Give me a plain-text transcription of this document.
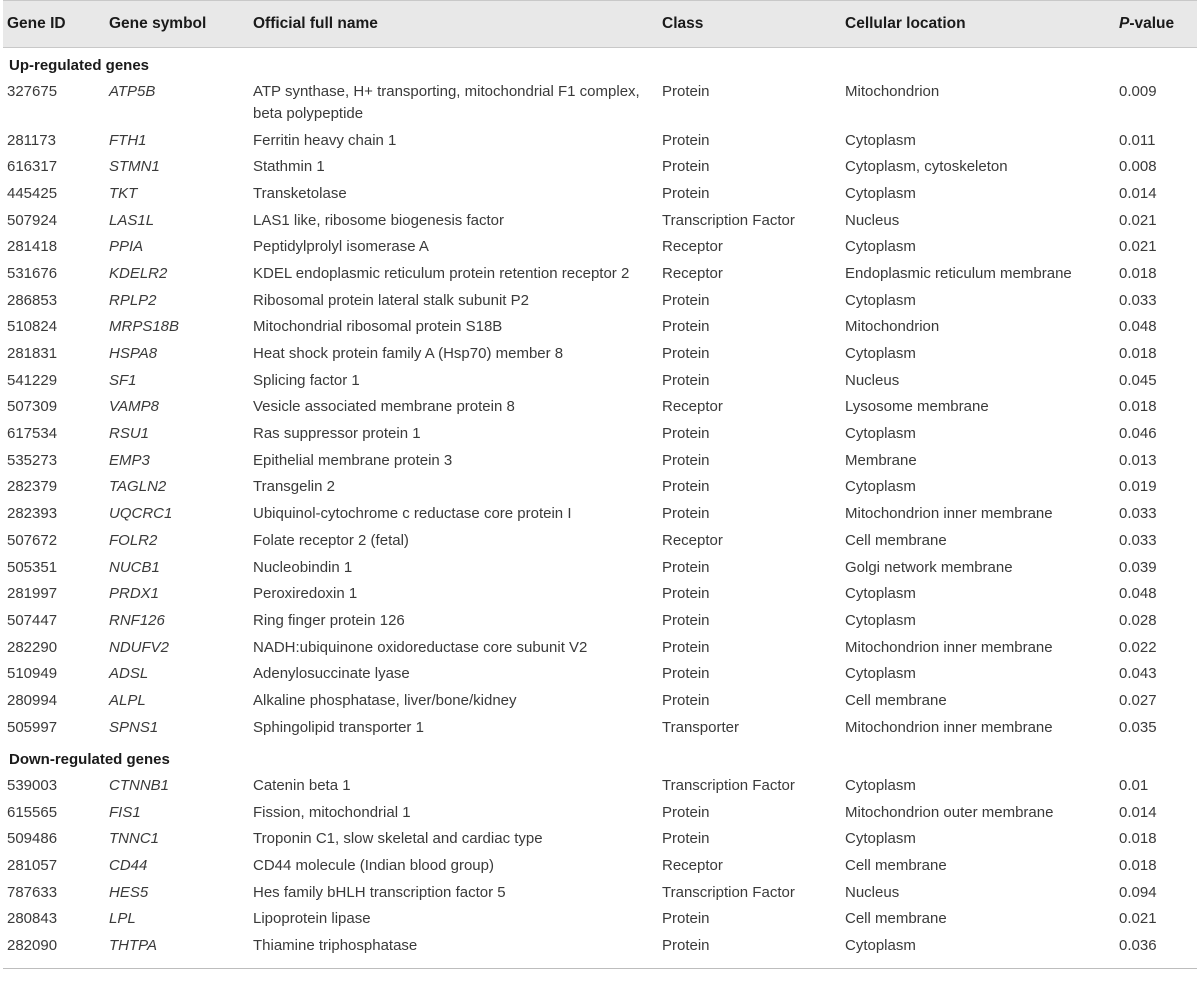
Gene ID	Gene symbol	Official full name	Class	Cellular location	P-value
Up-regulated genes					
327675	ATP5B	ATP synthase, H+ transporting, mitochondrial F1 complex, beta polypeptide	Protein	Mitochondrion	0.009
281173	FTH1	Ferritin heavy chain 1	Protein	Cytoplasm	0.011
616317	STMN1	Stathmin 1	Protein	Cytoplasm, cytoskeleton	0.008
445425	TKT	Transketolase	Protein	Cytoplasm	0.014
507924	LAS1L	LAS1 like, ribosome biogenesis factor	Transcription Factor	Nucleus	0.021
281418	PPIA	Peptidylprolyl isomerase A	Receptor	Cytoplasm	0.021
531676	KDELR2	KDEL endoplasmic reticulum protein retention receptor 2	Receptor	Endoplasmic reticulum membrane	0.018
286853	RPLP2	Ribosomal protein lateral stalk subunit P2	Protein	Cytoplasm	0.033
510824	MRPS18B	Mitochondrial ribosomal protein S18B	Protein	Mitochondrion	0.048
281831	HSPA8	Heat shock protein family A (Hsp70) member 8	Protein	Cytoplasm	0.018
541229	SF1	Splicing factor 1	Protein	Nucleus	0.045
507309	VAMP8	Vesicle associated membrane protein 8	Receptor	Lysosome membrane	0.018
617534	RSU1	Ras suppressor protein 1	Protein	Cytoplasm	0.046
535273	EMP3	Epithelial membrane protein 3	Protein	Membrane	0.013
282379	TAGLN2	Transgelin 2	Protein	Cytoplasm	0.019
282393	UQCRC1	Ubiquinol-cytochrome c reductase core protein I	Protein	Mitochondrion inner membrane	0.033
507672	FOLR2	Folate receptor 2 (fetal)	Receptor	Cell membrane	0.033
505351	NUCB1	Nucleobindin 1	Protein	Golgi network membrane	0.039
281997	PRDX1	Peroxiredoxin 1	Protein	Cytoplasm	0.048
507447	RNF126	Ring finger protein 126	Protein	Cytoplasm	0.028
282290	NDUFV2	NADH:ubiquinone oxidoreductase core subunit V2	Protein	Mitochondrion inner membrane	0.022
510949	ADSL	Adenylosuccinate lyase	Protein	Cytoplasm	0.043
280994	ALPL	Alkaline phosphatase, liver/bone/kidney	Protein	Cell membrane	0.027
505997	SPNS1	Sphingolipid transporter 1	Transporter	Mitochondrion inner membrane	0.035
Down-regulated genes					
539003	CTNNB1	Catenin beta 1	Transcription Factor	Cytoplasm	0.01
615565	FIS1	Fission, mitochondrial 1	Protein	Mitochondrion outer membrane	0.014
509486	TNNC1	Troponin C1, slow skeletal and cardiac type	Protein	Cytoplasm	0.018
281057	CD44	CD44 molecule (Indian blood group)	Receptor	Cell membrane	0.018
787633	HES5	Hes family bHLH transcription factor 5	Transcription Factor	Nucleus	0.094
280843	LPL	Lipoprotein lipase	Protein	Cell membrane	0.021
282090	THTPA	Thiamine triphosphatase	Protein	Cytoplasm	0.036
